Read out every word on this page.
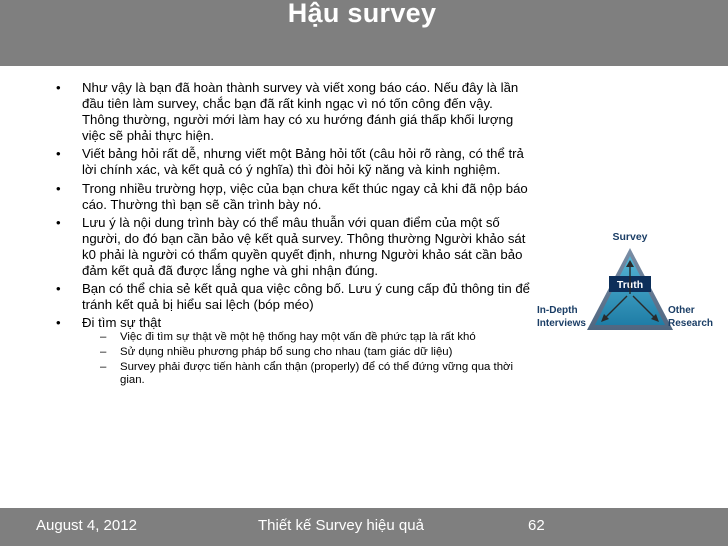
Hậu survey
• Như vậy là bạn đã hoàn thành survey và viết xong báo cáo. Nếu đây là lần đầu tiên làm survey, chắc bạn đã rất kinh ngạc vì nó tốn công đến vậy. Thông thường, người mới làm hay có xu hướng đánh giá thấp khối lượng việc sẽ phải thực hiện.
• Viết bảng hỏi rất dễ, nhưng viết một Bảng hỏi tốt (câu hỏi rõ ràng, có thể trả lời chính xác, và kết quả có ý nghĩa) thì đòi hỏi kỹ năng và kinh nghiệm.
• Trong nhiều trường hợp, việc của bạn chưa kết thúc ngay cả khi đã nộp báo cáo. Thường thì bạn sẽ cần trình bày nó.
• Lưu ý là nội dung trình bày có thể mâu thuẫn với quan điểm của một số người, do đó bạn cần bảo vệ kết quả survey. Thông thường Người khảo sát k0 phải là người có thẩm quyền quyết định, nhưng Người khảo sát cần bảo đảm kết quả đã được lắng nghe và ghi nhận đúng.
• Bạn có thể chia sẻ kết quả qua việc công bố. Lưu ý cung cấp đủ thông tin để tránh kết quả bị hiểu sai lệch (bóp méo)
• Đi tìm sự thật
– Việc đi tìm sự thật về một hệ thống hay một vấn đề phức tạp là rất khó
– Sử dụng nhiều phương pháp bổ sung cho nhau (tam giác dữ liệu)
– Survey phải được tiến hành cẩn thận (properly) để có thể đứng vững qua thời gian.
Truth
Survey
In-Depth
Interviews
Other
Research
August 4, 2012	Thiết kế Survey hiệu quả	62
